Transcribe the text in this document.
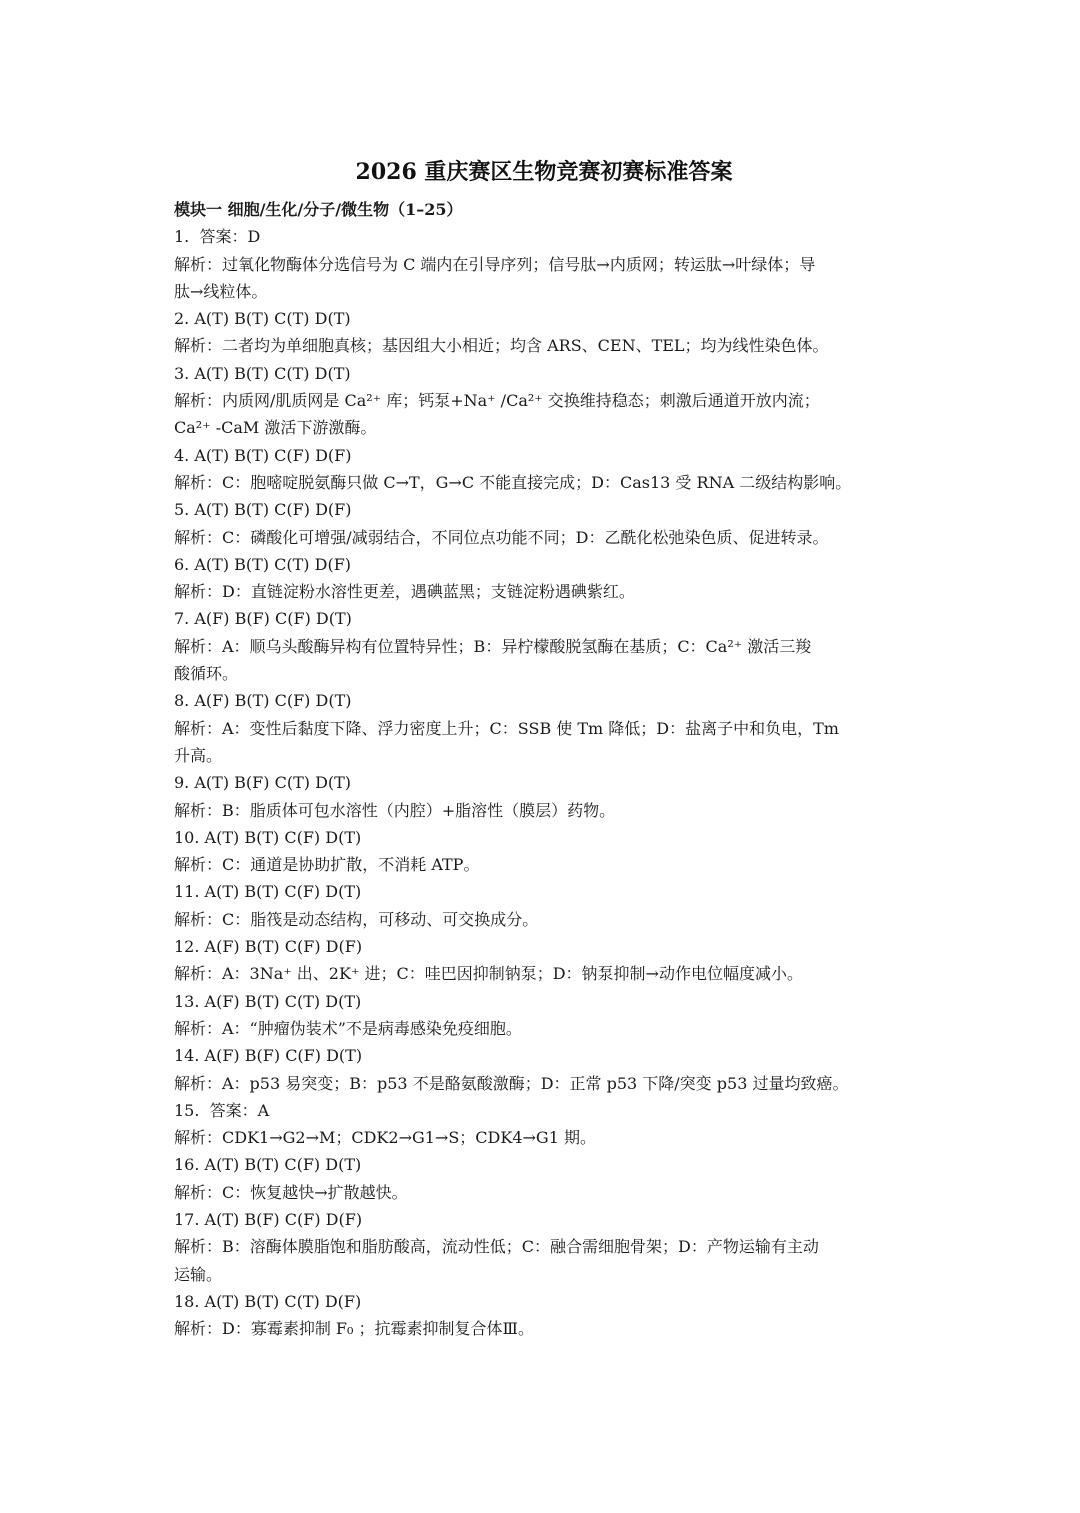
2026 重庆赛区生物竞赛初赛标准答案

模块一 细胞/生化/分子/微生物（1–25）

1.  答案：D

解析：过氧化物酶体分选信号为 C 端内在引导序列；信号肽→内质网；转运肽→叶绿体；导

肽→线粒体。

2. A(T) B(T) C(T) D(T)

解析：二者均为单细胞真核；基因组大小相近；均含 ARS、CEN、TEL；均为线性染色体。

3. A(T) B(T) C(T) D(T)

解析：内质网/肌质网是 Ca²⁺ 库；钙泵+Na⁺ /Ca²⁺ 交换维持稳态；刺激后通道开放内流；

Ca²⁺ -CaM 激活下游激酶。

4. A(T) B(T) C(F) D(F)

解析：C：胞嘧啶脱氨酶只做 C→T，G→C 不能直接完成；D：Cas13 受 RNA 二级结构影响。

5. A(T) B(T) C(F) D(F)

解析：C：磷酸化可增强/减弱结合，不同位点功能不同；D：乙酰化松弛染色质、促进转录。

6. A(T) B(T) C(T) D(F)

解析：D：直链淀粉水溶性更差，遇碘蓝黑；支链淀粉遇碘紫红。

7. A(F) B(F) C(F) D(T)

解析：A：顺乌头酸酶异构有位置特异性；B：异柠檬酸脱氢酶在基质；C：Ca²⁺ 激活三羧

酸循环。

8. A(F) B(T) C(F) D(T)

解析：A：变性后黏度下降、浮力密度上升；C：SSB 使 Tm 降低；D：盐离子中和负电，Tm

升高。

9. A(T) B(F) C(T) D(T)

解析：B：脂质体可包水溶性（内腔）+脂溶性（膜层）药物。

10. A(T) B(T) C(F) D(T)

解析：C：通道是协助扩散，不消耗 ATP。

11. A(T) B(T) C(F) D(T)

解析：C：脂筏是动态结构，可移动、可交换成分。

12. A(F) B(T) C(F) D(F)

解析：A：3Na⁺ 出、2K⁺ 进；C：哇巴因抑制钠泵；D：钠泵抑制→动作电位幅度减小。

13. A(F) B(T) C(T) D(T)

解析：A：“肿瘤伪装术”不是病毒感染免疫细胞。

14. A(F) B(F) C(F) D(T)

解析：A：p53 易突变；B：p53 不是酪氨酸激酶；D：正常 p53 下降/突变 p53 过量均致癌。

15.  答案：A

解析：CDK1→G2→M；CDK2→G1→S；CDK4→G1 期。

16. A(T) B(T) C(F) D(T)

解析：C：恢复越快→扩散越快。

17. A(T) B(F) C(F) D(F)

解析：B：溶酶体膜脂饱和脂肪酸高，流动性低；C：融合需细胞骨架；D：产物运输有主动

运输。

18. A(T) B(T) C(T) D(F)

解析：D：寡霉素抑制 F₀ ；抗霉素抑制复合体Ⅲ。
